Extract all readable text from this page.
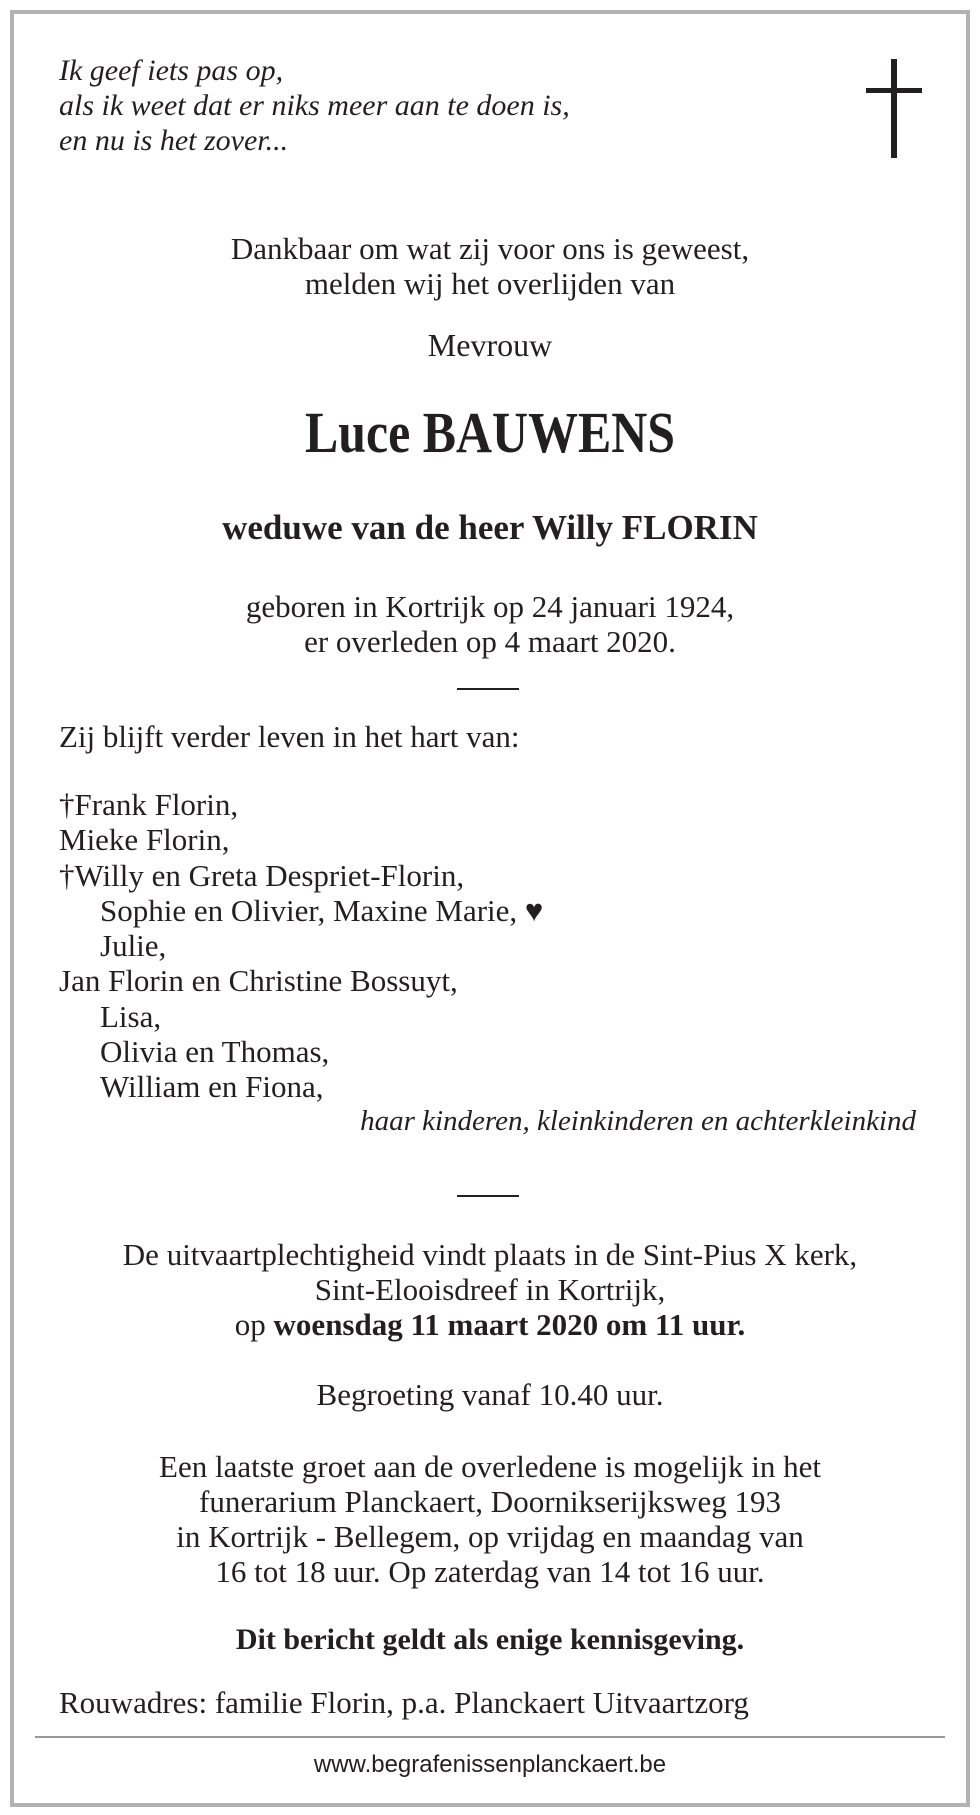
Ik geef iets pas op,
als ik weet dat er niks meer aan te doen is,
en nu is het zover...
Dankbaar om wat zij voor ons is geweest,
melden wij het overlijden van
Mevrouw
Luce BAUWENS
weduwe van de heer Willy FLORIN
geboren in Kortrijk op 24 januari 1924,
er overleden op 4 maart 2020.
Zij blijft verder leven in het hart van:
†Frank Florin,
Mieke Florin,
†Willy en Greta Despriet-Florin,
Sophie en Olivier, Maxine Marie, ♥
Julie,
Jan Florin en Christine Bossuyt,
Lisa,
Olivia en Thomas,
William en Fiona,
haar kinderen, kleinkinderen en achterkleinkind
De uitvaartplechtigheid vindt plaats in de Sint-Pius X kerk,
Sint-Elooisdreef in Kortrijk,
op woensdag 11 maart 2020 om 11 uur.
Begroeting vanaf 10.40 uur.
Een laatste groet aan de overledene is mogelijk in het
funerarium Planckaert, Doornikserijksweg 193
in Kortrijk - Bellegem, op vrijdag en maandag van
16 tot 18 uur. Op zaterdag van 14 tot 16 uur.
Dit bericht geldt als enige kennisgeving.
Rouwadres: familie Florin, p.a. Planckaert Uitvaartzorg
www.begrafenissenplanckaert.be
